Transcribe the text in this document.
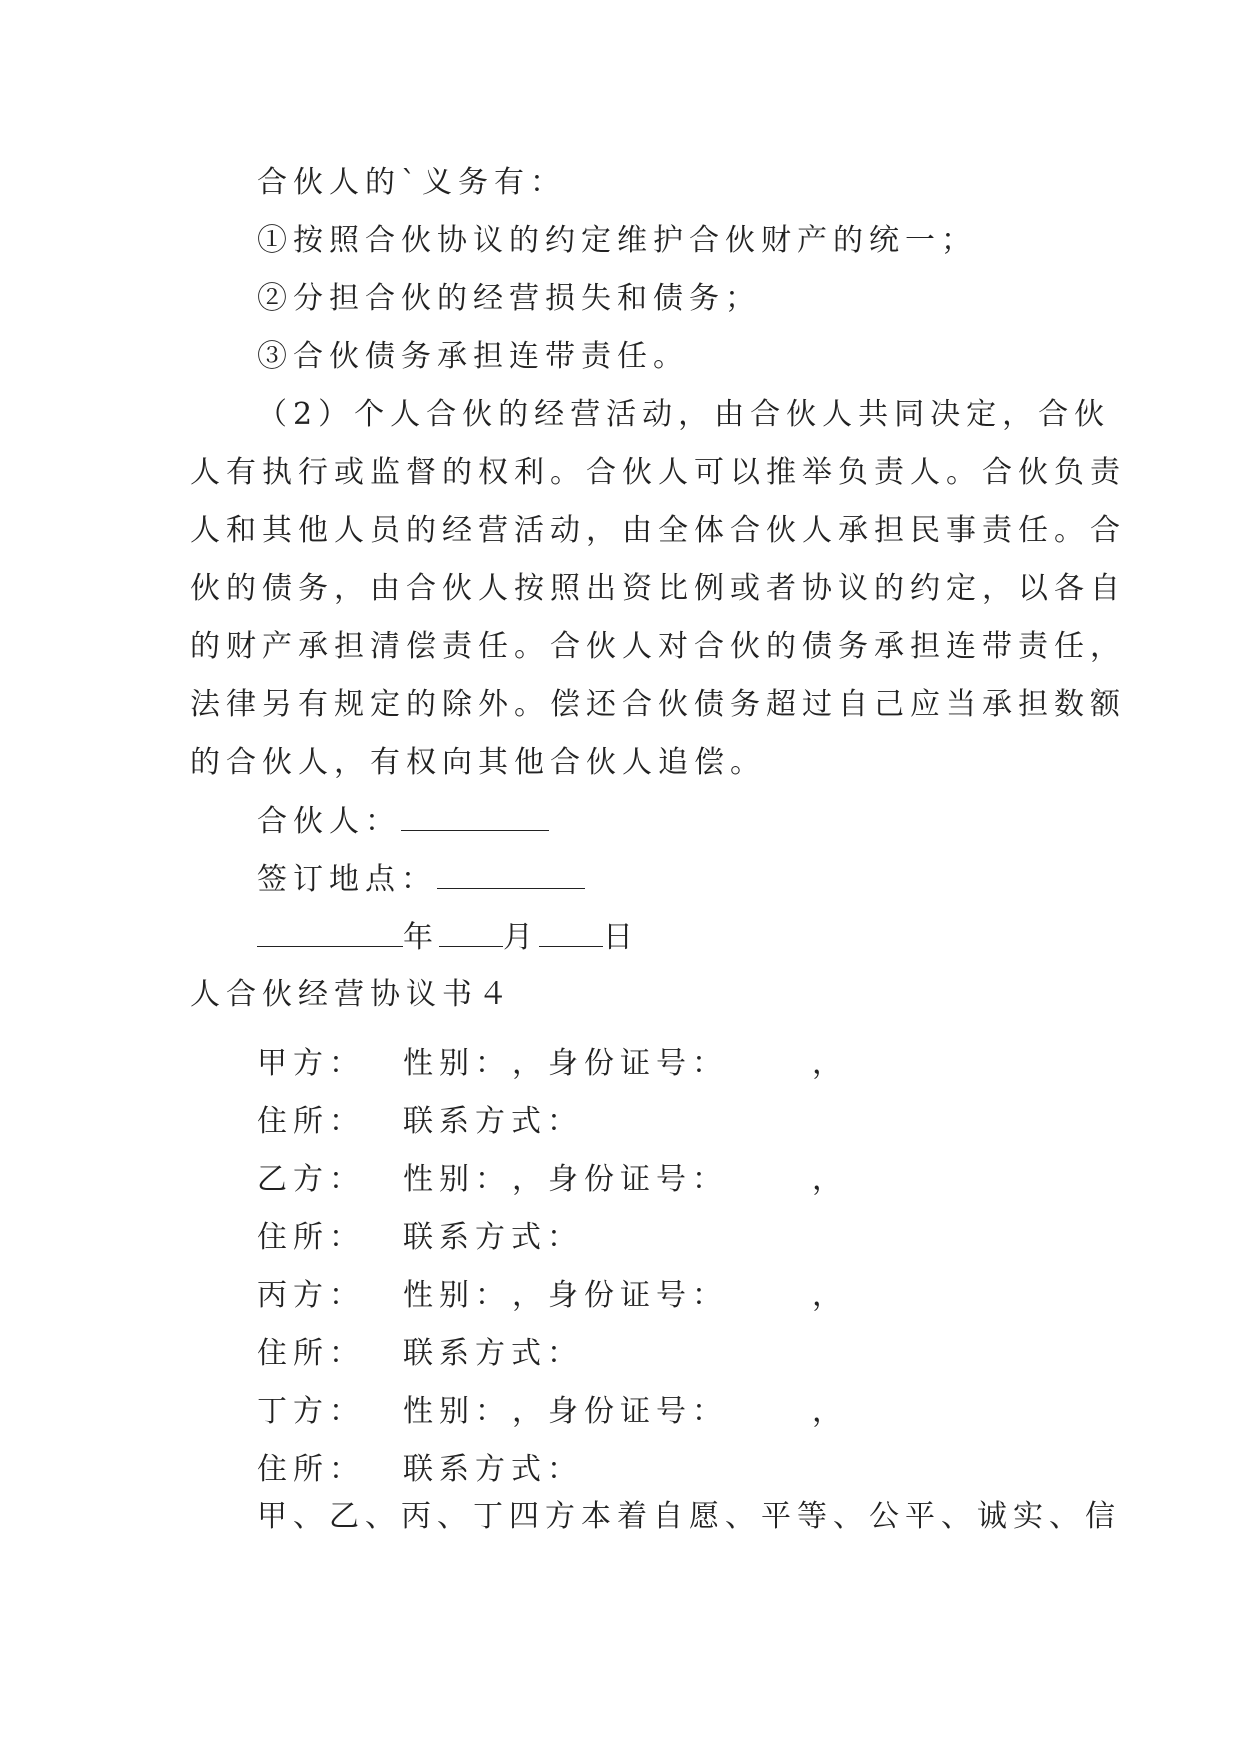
合伙人的`义务有：
①按照合伙协议的约定维护合伙财产的统一；
②分担合伙的经营损失和债务；
③合伙债务承担连带责任。
（2）个人合伙的经营活动，由合伙人共同决定，合伙
人有执行或监督的权利。合伙人可以推举负责人。合伙负责
人和其他人员的经营活动，由全体合伙人承担民事责任。合
伙的债务，由合伙人按照出资比例或者协议的约定，以各自
的财产承担清偿责任。合伙人对合伙的债务承担连带责任，
法律另有规定的除外。偿还合伙债务超过自己应当承担数额
的合伙人，有权向其他合伙人追偿。
合伙人：
签订地点：
年 月 日
人合伙经营协议书４
甲方： 性别： ，身份证号：	，
住所： 联系方式：
乙方： 性别： ，身份证号：	，
住所： 联系方式：
丙方： 性别： ，身份证号：	，
住所： 联系方式：
丁方： 性别： ，身份证号：	，
住所： 联系方式：
甲、乙、丙、丁四方本着自愿、平等、公平、诚实、信
